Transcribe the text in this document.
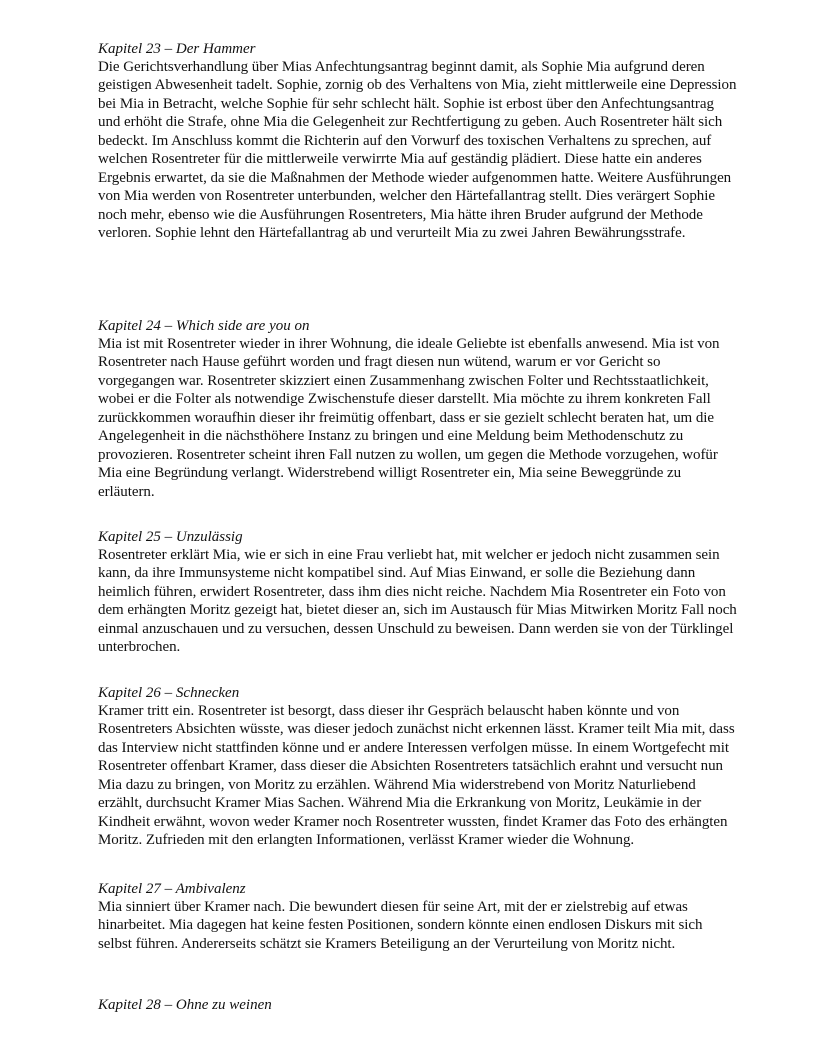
Kapitel 23 – Der Hammer

Die Gerichtsverhandlung über Mias Anfechtungsantrag beginnt damit, als Sophie Mia aufgrund deren geistigen Abwesenheit tadelt. Sophie, zornig ob des Verhaltens von Mia, zieht mittlerweile eine Depression bei Mia in Betracht, welche Sophie für sehr schlecht hält. Sophie ist erbost über den Anfechtungsantrag und erhöht die Strafe, ohne Mia die Gelegenheit zur Rechtfertigung zu geben. Auch Rosentreter hält sich bedeckt. Im Anschluss kommt die Richterin auf den Vorwurf des toxischen Verhaltens zu sprechen, auf welchen Rosentreter für die mittlerweile verwirrte Mia auf geständig plädiert. Diese hatte ein anderes Ergebnis erwartet, da sie die Maßnahmen der Methode wieder aufgenommen hatte. Weitere Ausführungen von Mia werden von Rosentreter unterbunden, welcher den Härtefallantrag stellt. Dies verärgert Sophie noch mehr, ebenso wie die Ausführungen Rosentreters, Mia hätte ihren Bruder aufgrund der Methode verloren. Sophie lehnt den Härtefallantrag ab und verurteilt Mia zu zwei Jahren Bewährungsstrafe.

Kapitel 24 – Which side are you on

Mia ist mit Rosentreter wieder in ihrer Wohnung, die ideale Geliebte ist ebenfalls anwesend. Mia ist von Rosentreter nach Hause geführt worden und fragt diesen nun wütend, warum er vor Gericht so vorgegangen war. Rosentreter skizziert einen Zusammenhang zwischen Folter und Rechtsstaatlichkeit, wobei er die Folter als notwendige Zwischenstufe dieser darstellt. Mia möchte zu ihrem konkreten Fall zurückkommen woraufhin dieser ihr freimütig offenbart, dass er sie gezielt schlecht beraten hat, um die Angelegenheit in die nächsthöhere Instanz zu bringen und eine Meldung beim Methodenschutz zu provozieren. Rosentreter scheint ihren Fall nutzen zu wollen, um gegen die Methode vorzugehen, wofür Mia eine Begründung verlangt. Widerstrebend willigt Rosentreter ein, Mia seine Beweggründe zu erläutern.

Kapitel 25 – Unzulässig

Rosentreter erklärt Mia, wie er sich in eine Frau verliebt hat, mit welcher er jedoch nicht zusammen sein kann, da ihre Immunsysteme nicht kompatibel sind. Auf Mias Einwand, er solle die Beziehung dann heimlich führen, erwidert Rosentreter, dass ihm dies nicht reiche. Nachdem Mia Rosentreter ein Foto von dem erhängten Moritz gezeigt hat, bietet dieser an, sich im Austausch für Mias Mitwirken Moritz Fall noch einmal anzuschauen und zu versuchen, dessen Unschuld zu beweisen. Dann werden sie von der Türklingel unterbrochen.

Kapitel 26 – Schnecken

Kramer tritt ein. Rosentreter ist besorgt, dass dieser ihr Gespräch belauscht haben könnte und von Rosentreters Absichten wüsste, was dieser jedoch zunächst nicht erkennen lässt. Kramer teilt Mia mit, dass das Interview nicht stattfinden könne und er andere Interessen verfolgen müsse. In einem Wortgefecht mit Rosentreter offenbart Kramer, dass dieser die Absichten Rosentreters tatsächlich erahnt und versucht nun Mia dazu zu bringen, von Moritz zu erzählen. Während Mia widerstrebend von Moritz Naturliebend erzählt, durchsucht Kramer Mias Sachen. Während Mia die Erkrankung von Moritz, Leukämie in der Kindheit erwähnt, wovon weder Kramer noch Rosentreter wussten, findet Kramer das Foto des erhängten Moritz. Zufrieden mit den erlangten Informationen, verlässt Kramer wieder die Wohnung.

Kapitel 27 – Ambivalenz

Mia sinniert über Kramer nach. Die bewundert diesen für seine Art, mit der er zielstrebig auf etwas hinarbeitet. Mia dagegen hat keine festen Positionen, sondern könnte einen endlosen Diskurs mit sich selbst führen. Andererseits schätzt sie Kramers Beteiligung an der Verurteilung von Moritz nicht.

Kapitel 28 – Ohne zu weinen
